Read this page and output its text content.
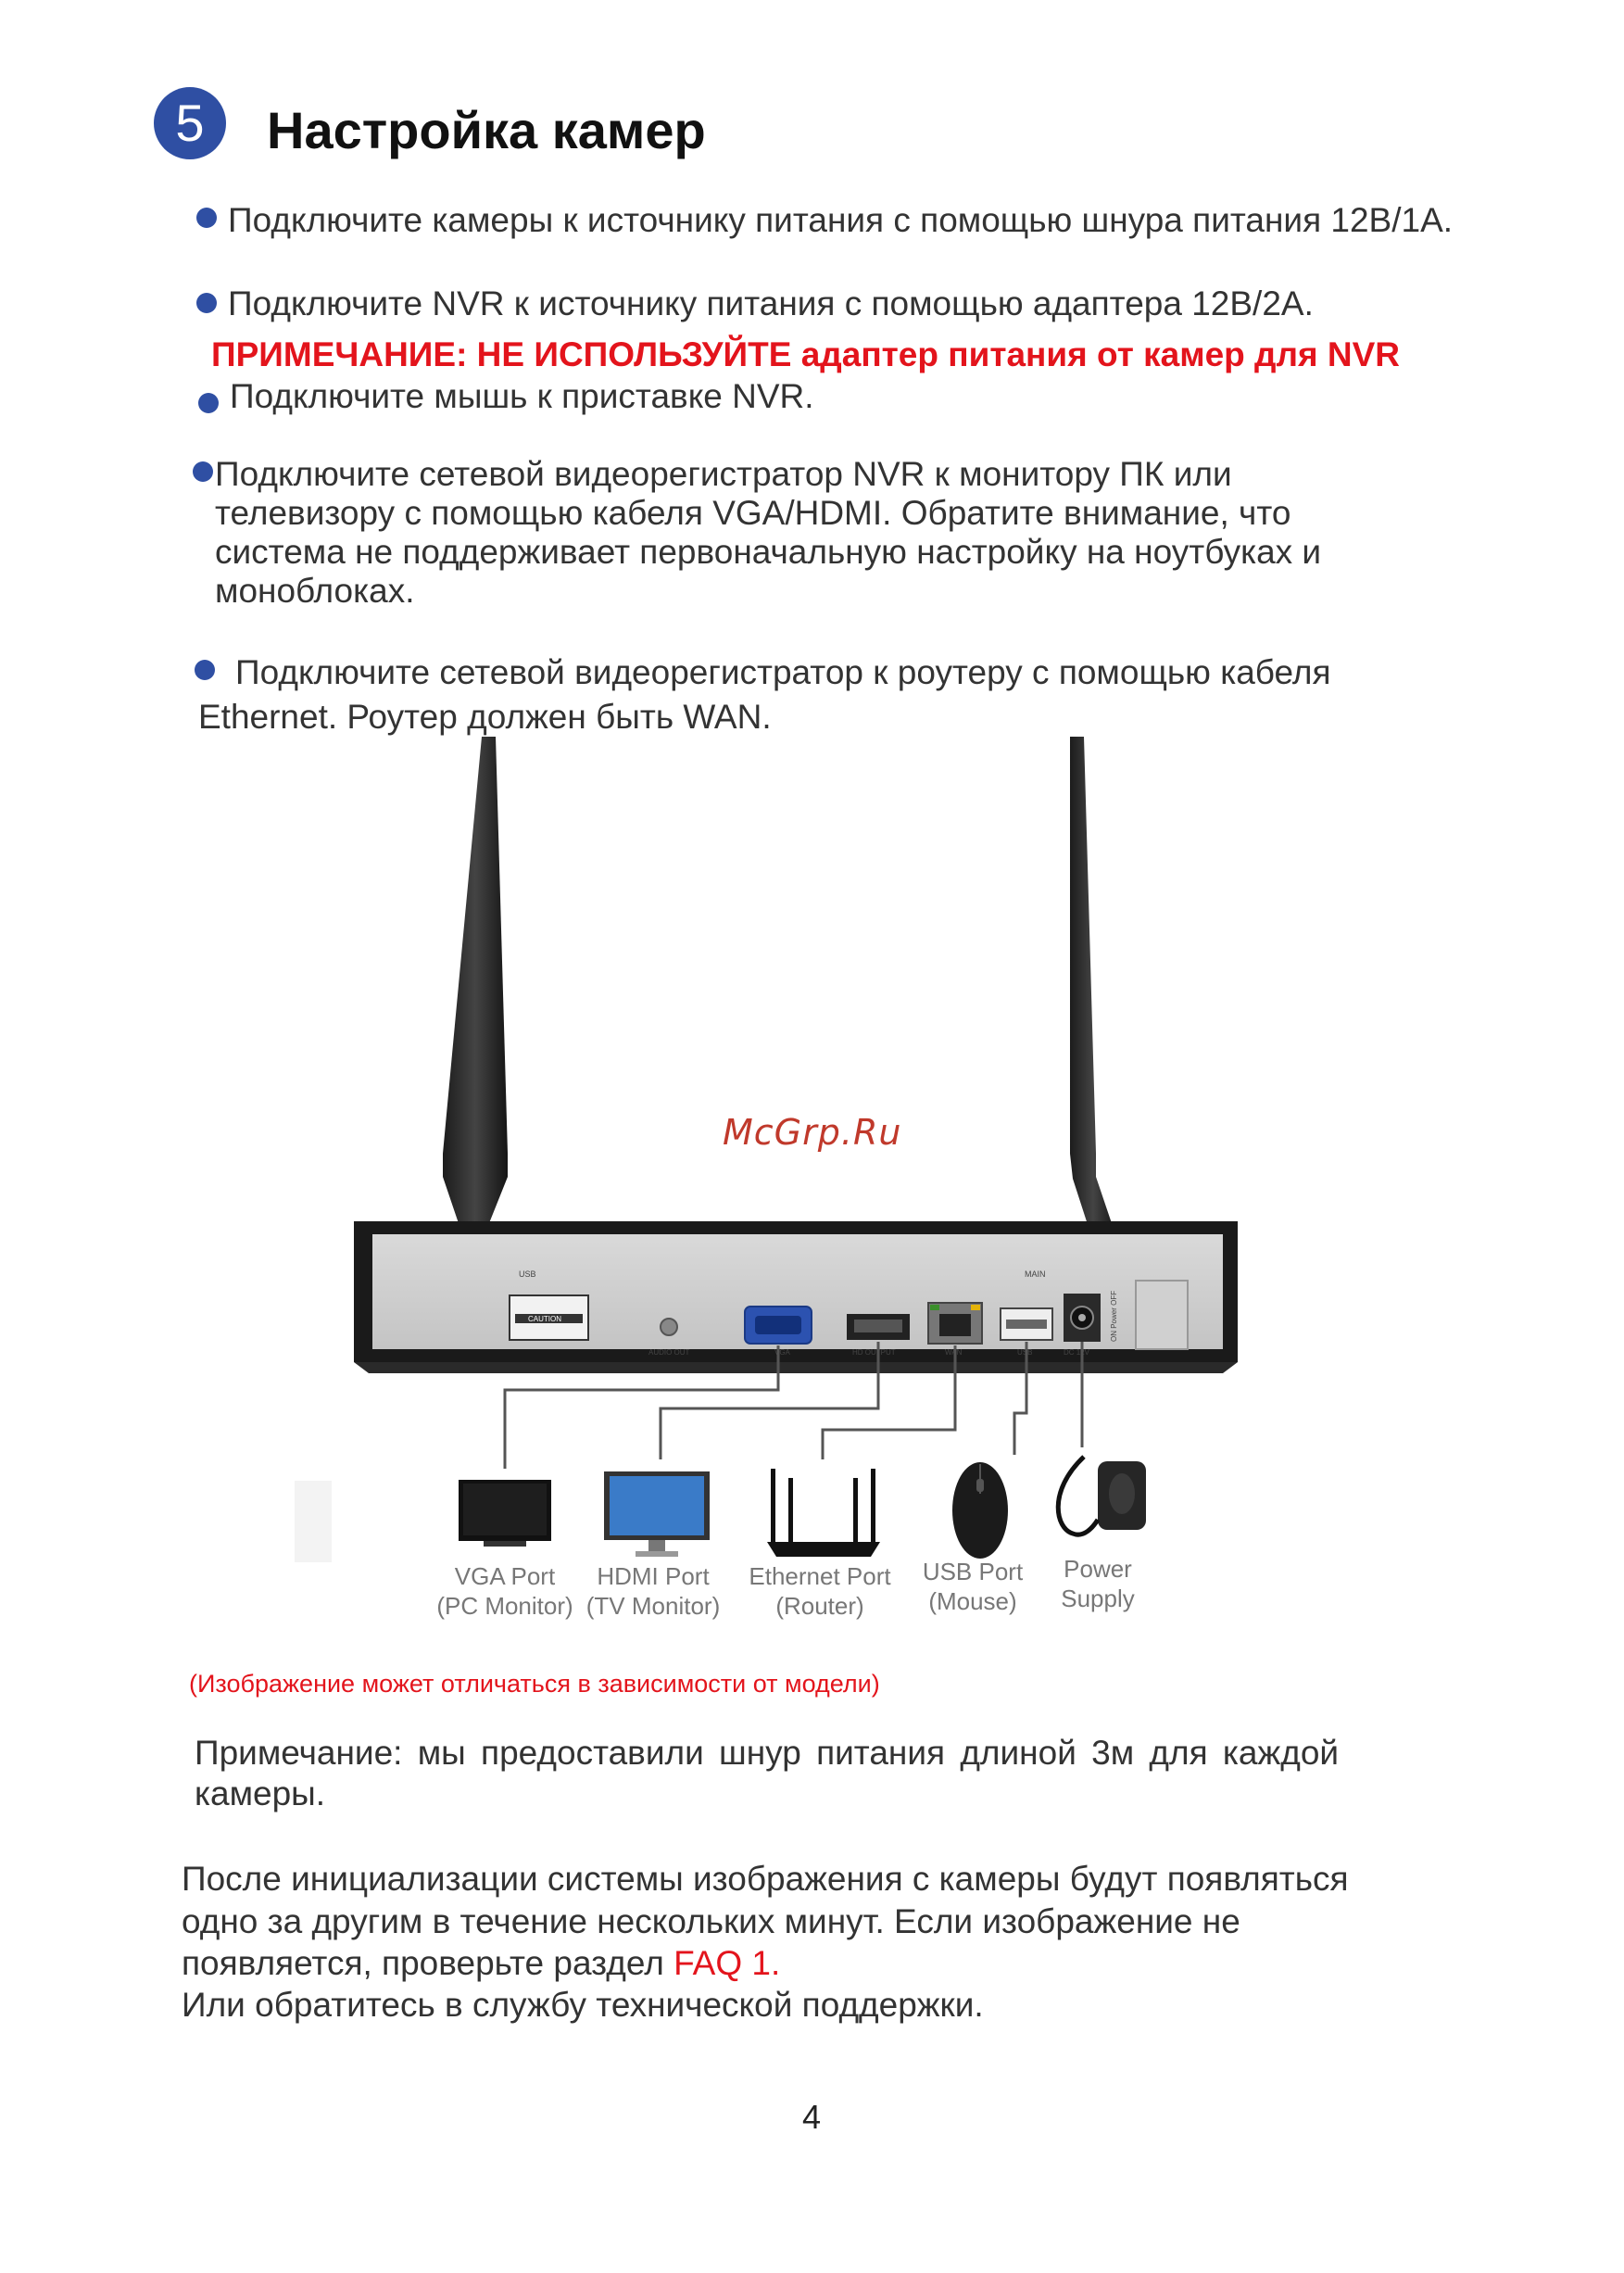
5	Настройка камер
Подключите камеры к источнику питания с помощью шнура питания 12В/1А.
Подключите NVR к источнику питания с помощью адаптера 12В/2А.
ПРИМЕЧАНИЕ: НЕ ИСПОЛЬЗУЙТЕ адаптер питания от камер для NVR
Подключите мышь к приставке NVR.
Подключите сетевой видеорегистратор NVR к монитору ПК или
телевизору с помощью кабеля VGA/HDMI. Обратите внимание, что
система не поддерживает первоначальную настройку на ноутбуках и
моноблоках.
Подключите сетевой видеорегистратор к роутеру с помощью кабеля
Ethernet. Роутер должен быть WAN.
McGrp.Ru
USB	MAIN
CAUTION
AUDIO OUT	VGA	HD OUTPUT	WAN	USB	DC 12V
ON Power OFF
VGA Port
(PC Monitor)
HDMI Port
(TV Monitor)
Ethernet Port
(Router)
USB Port
(Mouse)
Power
Supply
(Изображение может отличаться в зависимости от модели)
Примечание: мы предоставили шнур питания длиной 3м для каждой
камеры.
После инициализации системы изображения с камеры будут появляться
одно за другим в течение нескольких минут. Если изображение не
появляется, проверьте раздел FAQ 1.
Или обратитесь в службу технической поддержки.
4
